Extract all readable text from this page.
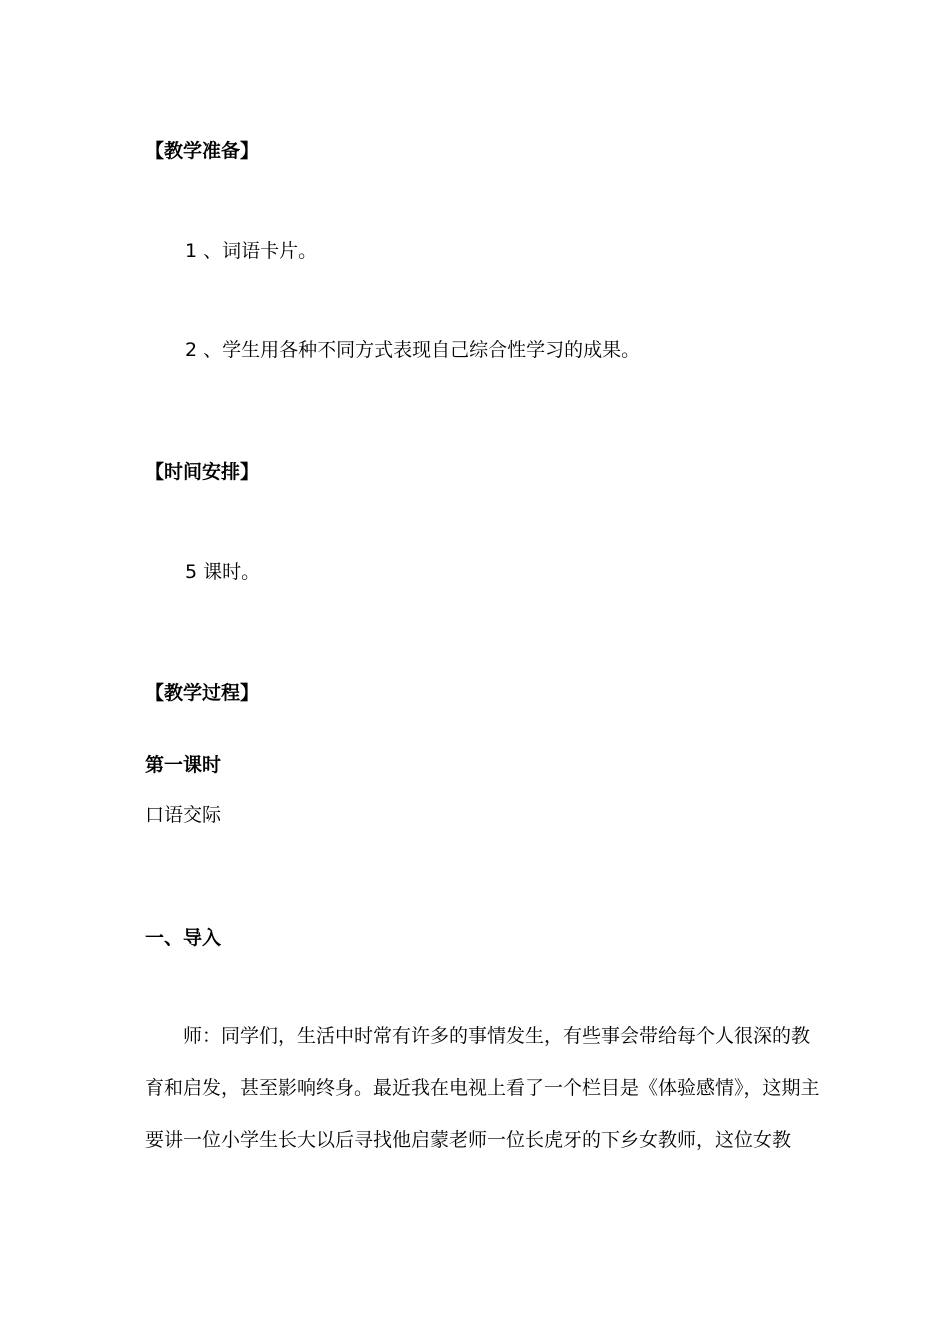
【教学准备】
1 、词语卡片。
2 、学生用各种不同方式表现自己综合性学习的成果。
【时间安排】
5 课时。
【教学过程】
第一课时
口语交际
一、导入
师：同学们，生活中时常有许多的事情发生，有些事会带给每个人很深的教
育和启发，甚至影响终身。最近我在电视上看了一个栏目是《体验感情》，这期主
要讲一位小学生长大以后寻找他启蒙老师一位长虎牙的下乡女教师，这位女教
